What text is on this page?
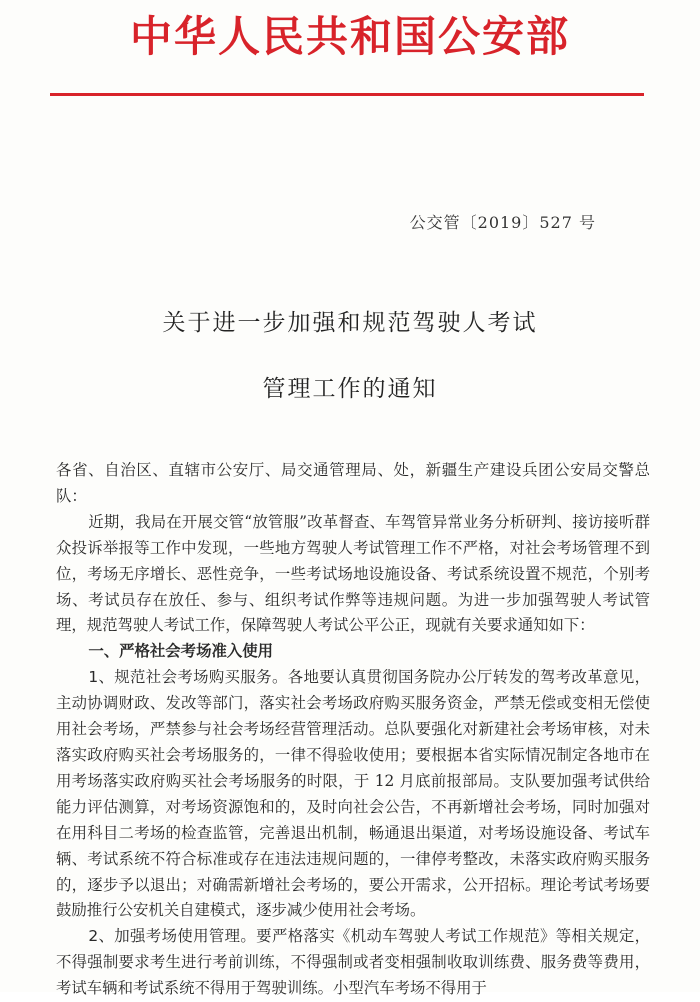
中华人民共和国公安部
公交管〔2019〕527 号
关于进一步加强和规范驾驶人考试
管理工作的通知

各省、自治区、直辖市公安厅、局交通管理局、处，新疆生产建设兵团公安局交警总队：

近期，我局在开展交管“放管服”改革督查、车驾管异常业务分析研判、接访接听群众投诉举报等工作中发现，一些地方驾驶人考试管理工作不严格，对社会考场管理不到位，考场无序增长、恶性竞争，一些考试场地设施设备、考试系统设置不规范，个别考场、考试员存在放任、参与、组织考试作弊等违规问题。为进一步加强驾驶人考试管理，规范驾驶人考试工作，保障驾驶人考试公平公正，现就有关要求通知如下：

一、严格社会考场准入使用

1、规范社会考场购买服务。各地要认真贯彻国务院办公厅转发的驾考改革意见，主动协调财政、发改等部门，落实社会考场政府购买服务资金，严禁无偿或变相无偿使用社会考场，严禁参与社会考场经营管理活动。总队要强化对新建社会考场审核，对未落实政府购买社会考场服务的，一律不得验收使用；要根据本省实际情况制定各地市在用考场落实政府购买社会考场服务的时限，于 12 月底前报部局。支队要加强考试供给能力评估测算，对考场资源饱和的，及时向社会公告，不再新增社会考场，同时加强对在用科目二考场的检查监管，完善退出机制，畅通退出渠道，对考场设施设备、考试车辆、考试系统不符合标准或存在违法违规问题的，一律停考整改，未落实政府购买服务的，逐步予以退出；对确需新增社会考场的，要公开需求，公开招标。理论考试考场要鼓励推行公安机关自建模式，逐步减少使用社会考场。

2、加强考场使用管理。要严格落实《机动车驾驶人考试工作规范》等相关规定，不得强制要求考生进行考前训练，不得强制或者变相强制收取训练费、服务费等费用，考试车辆和考试系统不得用于驾驶训练。小型汽车考场不得用于
